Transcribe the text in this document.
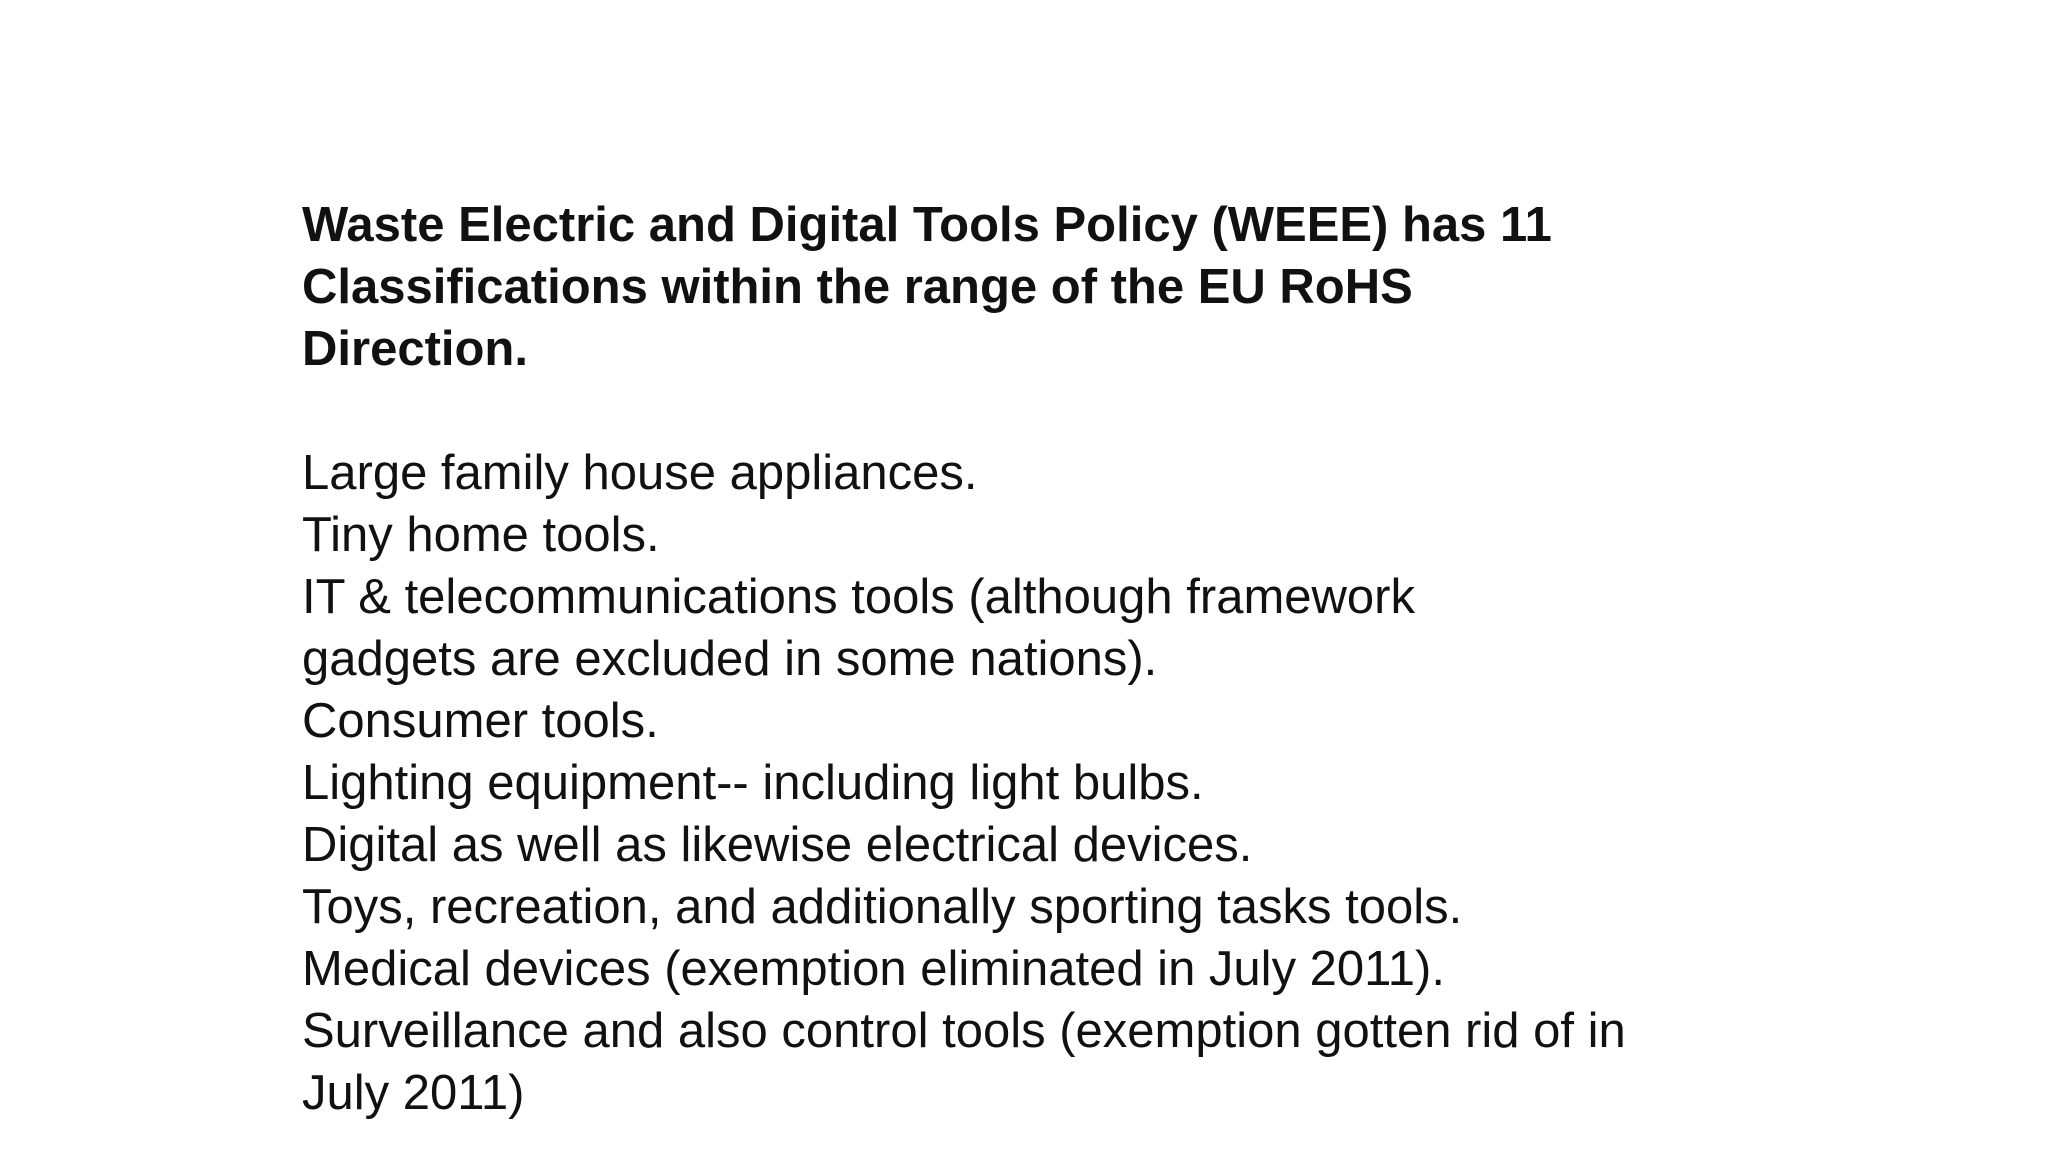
Waste Electric and Digital Tools Policy (WEEE) has 11 Classifications within the range of the EU RoHS Direction.

Large family house appliances.
Tiny home tools.
IT & telecommunications tools (although framework gadgets are excluded in some nations).
Consumer tools.
Lighting equipment-- including light bulbs.
Digital as well as likewise electrical devices.
Toys, recreation, and additionally sporting tasks tools.
Medical devices (exemption eliminated in July 2011).
Surveillance and also control tools (exemption gotten rid of in July 2011)
